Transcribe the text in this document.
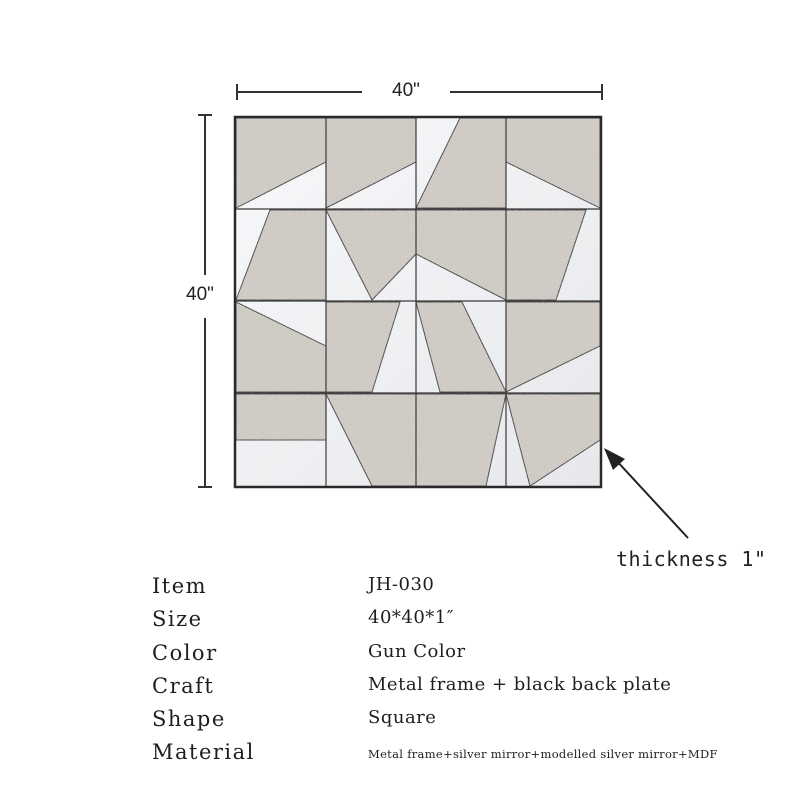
40"
40"
thickness 1"
Item	JH-030
Size	40*40*1″
Color	Gun Color
Craft	Metal frame + black back plate
Shape	Square
Material	Metal frame+silver mirror+modelled silver mirror+MDF
